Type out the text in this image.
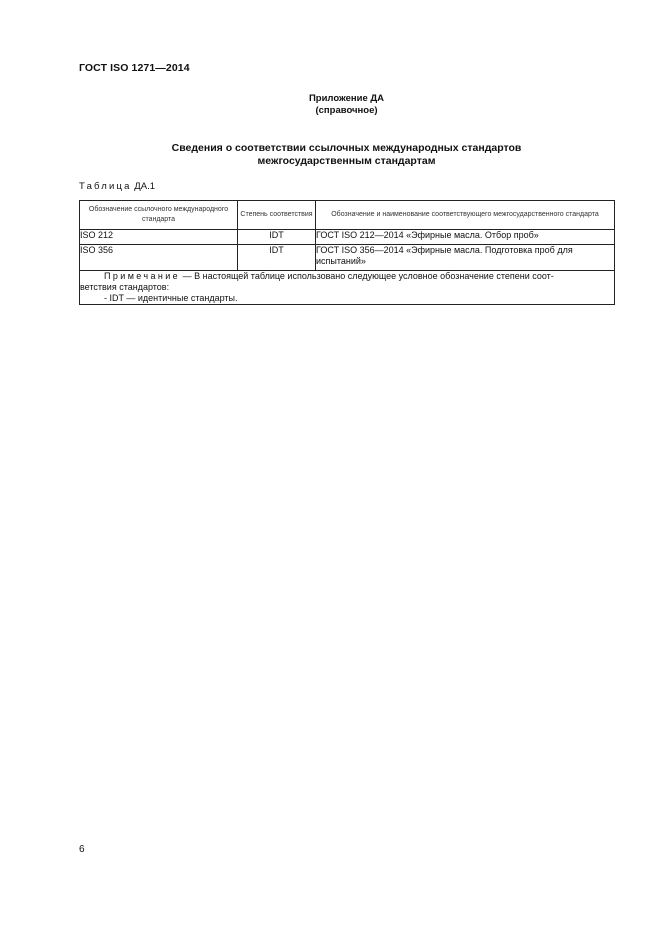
ГОСТ ISO 1271—2014
Приложение ДА
(справочное)
Сведения о соответствии ссылочных международных стандартов
межгосударственным стандартам
Таблица ДА.1
Обозначение ссылочного международного стандарта	Степень соответствия	Обозначение и наименование соответствующего межгосударственного стандарта
ISO 212	IDT	ГОСТ ISO 212—2014 «Эфирные масла. Отбор проб»
ISO 356	IDT	ГОСТ ISO 356—2014 «Эфирные масла. Подготовка проб для испытаний»

Примечание — В настоящей таблице использовано следующее условное обозначение степени соот-
ветствия стандартов:
- IDT — идентичные стандарты.		
6
